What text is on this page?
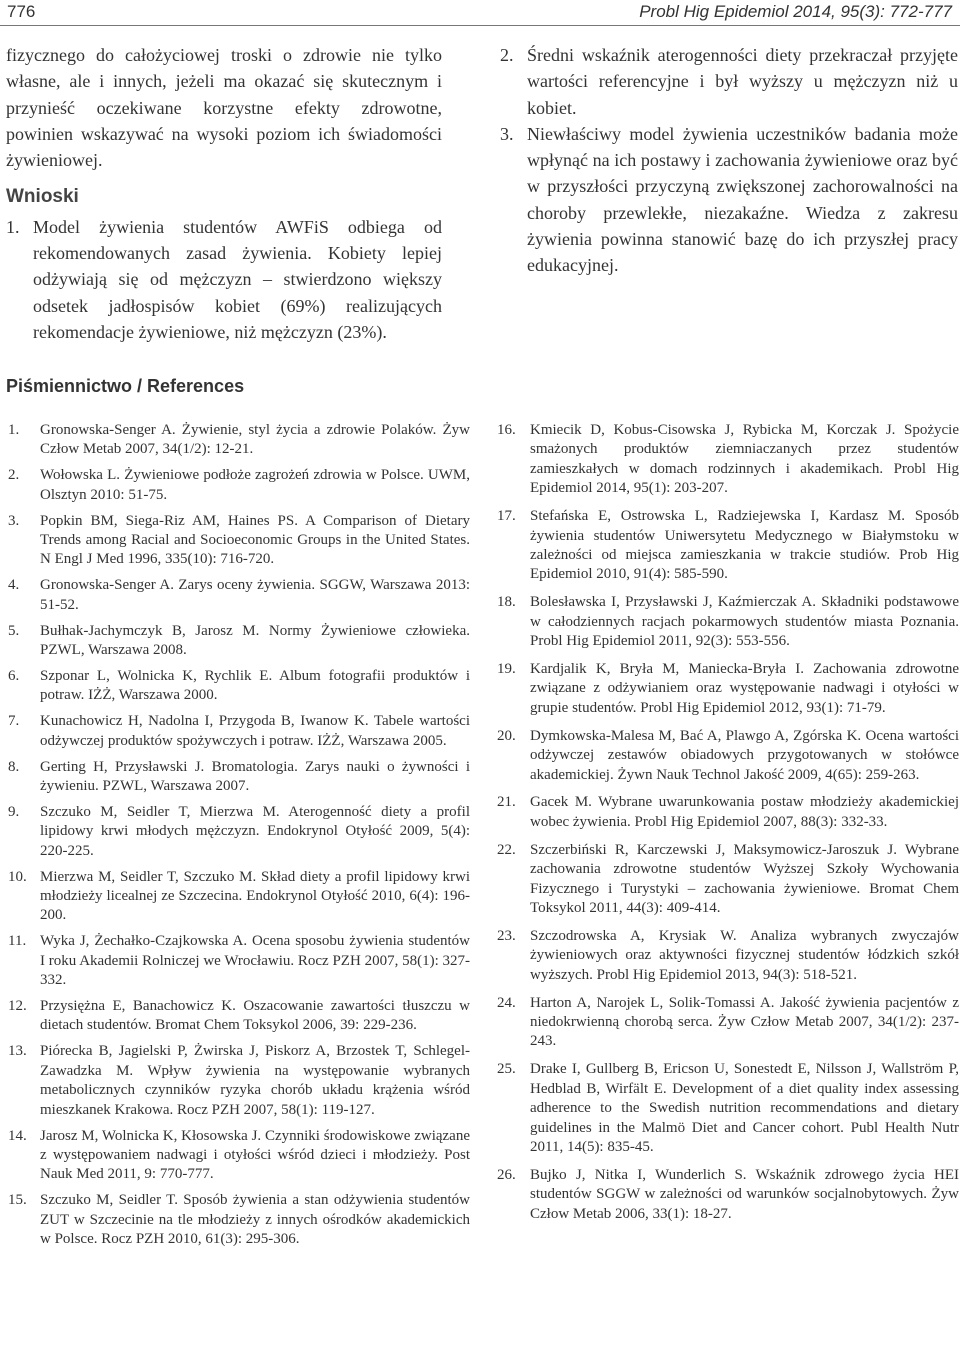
776	Probl Hig Epidemiol 2014, 95(3): 772-777

fizycznego do całożyciowej troski o zdrowie nie tylko własne, ale i innych, jeżeli ma okazać się skutecznym i przynieść oczekiwane korzystne efekty zdrowotne, powinien wskazywać na wysoki poziom ich świadomości żywieniowej.

Wnioski
1. Model żywienia studentów AWFiS odbiega od rekomendowanych zasad żywienia. Kobiety lepiej odżywiają się od mężczyzn – stwierdzono większy odsetek jadłospisów kobiet (69%) realizujących rekomendacje żywieniowe, niż mężczyzn (23%).
2. Średni wskaźnik aterogenności diety przekraczał przyjęte wartości referencyjne i był wyższy u mężczyzn niż u kobiet.
3. Niewłaściwy model żywienia uczestników badania może wpłynąć na ich postawy i zachowania żywieniowe oraz być w przyszłości przyczyną zwiększonej zachorowalności na choroby przewlekłe, niezakaźne. Wiedza z zakresu żywienia powinna stanowić bazę do ich przyszłej pracy edukacyjnej.
Piśmiennictwo / References
1.	Gronowska-Senger A. Żywienie, styl życia a zdrowie Polaków. Żyw Człow Metab 2007, 34(1/2): 12-21.
2.	Wołowska L. Żywieniowe podłoże zagrożeń zdrowia w Polsce. UWM, Olsztyn 2010: 51-75.
3.	Popkin BM, Siega-Riz AM, Haines PS. A Comparison of Dietary Trends among Racial and Socioeconomic Groups in the United States. N Engl J Med 1996, 335(10): 716-720.
4.	Gronowska-Senger A. Zarys oceny żywienia. SGGW, Warszawa 2013: 51-52.
5.	Bułhak-Jachymczyk B, Jarosz M. Normy Żywieniowe człowieka. PZWL, Warszawa 2008.
6.	Szponar L, Wolnicka K, Rychlik E. Album fotografii produktów i potraw. IŻŻ, Warszawa 2000.
7.	Kunachowicz H, Nadolna I, Przygoda B, Iwanow K. Tabele wartości odżywczej produktów spożywczych i potraw. IŻŻ, Warszawa 2005.
8.	Gerting H, Przysławski J. Bromatologia. Zarys nauki o żywności i żywieniu. PZWL, Warszawa 2007.
9.	Szczuko M, Seidler T, Mierzwa M. Aterogenność diety a profil lipidowy krwi młodych mężczyzn. Endokrynol Otyłość 2009, 5(4): 220-225.
10. Mierzwa M, Seidler T, Szczuko M. Skład diety a profil lipidowy krwi młodzieży licealnej ze Szczecina. Endokrynol Otyłość 2010, 6(4): 196-200.
11. Wyka J, Żechałko-Czajkowska A. Ocena sposobu żywienia studentów I roku Akademii Rolniczej we Wrocławiu. Rocz PZH 2007, 58(1): 327-332.
12. Przysiężna E, Banachowicz K. Oszacowanie zawartości tłuszczu w dietach studentów. Bromat Chem Toksykol 2006, 39: 229-236.
13. Piórecka B, Jagielski P, Żwirska J, Piskorz A, Brzostek T, Schlegel-Zawadzka M. Wpływ żywienia na występowanie wybranych metabolicznych czynników ryzyka chorób układu krążenia wśród mieszkanek Krakowa. Rocz PZH 2007, 58(1): 119-127.
14. Jarosz M, Wolnicka K, Kłosowska J. Czynniki środowiskowe związane z występowaniem nadwagi i otyłości wśród dzieci i młodzieży. Post Nauk Med 2011, 9: 770-777.
15. Szczuko M, Seidler T. Sposób żywienia a stan odżywienia studentów ZUT w Szczecinie na tle młodzieży z innych ośrodków akademickich w Polsce. Rocz PZH 2010, 61(3): 295-306.
16. Kmiecik D, Kobus-Cisowska J, Rybicka M, Korczak J. Spożycie smażonych produktów ziemniaczanych przez studentów zamieszkałych w domach rodzinnych i akademikach. Probl Hig Epidemiol 2014, 95(1): 203-207.
17. Stefańska E, Ostrowska L, Radziejewska I, Kardasz M. Sposób żywienia studentów Uniwersytetu Medycznego w Białymstoku w zależności od miejsca zamieszkania w trakcie studiów. Prob Hig Epidemiol 2010, 91(4): 585-590.
18. Bolesławska I, Przysławski J, Kaźmierczak A. Składniki podstawowe w całodziennych racjach pokarmowych studentów miasta Poznania. Probl Hig Epidemiol 2011, 92(3): 553-556.
19. Kardjalik K, Bryła M, Maniecka-Bryła I. Zachowania zdrowotne związane z odżywianiem oraz występowanie nadwagi i otyłości w grupie studentów. Probl Hig Epidemiol 2012, 93(1): 71-79.
20. Dymkowska-Malesa M, Bać A, Plawgo A, Zgórska K. Ocena wartości odżywczej zestawów obiadowych przygotowanych w stołówce akademickiej. Żywn Nauk Technol Jakość 2009, 4(65): 259-263.
21. Gacek M. Wybrane uwarunkowania postaw młodzieży akademickiej wobec żywienia. Probl Hig Epidemiol 2007, 88(3): 332-33.
22. Szczerbiński R, Karczewski J, Maksymowicz-Jaroszuk J. Wybrane zachowania zdrowotne studentów Wyższej Szkoły Wychowania Fizycznego i Turystyki – zachowania żywieniowe. Bromat Chem Toksykol 2011, 44(3): 409-414.
23. Szczodrowska A, Krysiak W. Analiza wybranych zwyczajów żywieniowych oraz aktywności fizycznej studentów łódzkich szkół wyższych. Probl Hig Epidemiol 2013, 94(3): 518-521.
24. Harton A, Narojek L, Solik-Tomassi A. Jakość żywienia pacjentów z niedokrwienną chorobą serca. Żyw Człow Metab 2007, 34(1/2): 237-243.
25. Drake I, Gullberg B, Ericson U, Sonestedt E, Nilsson J, Wallström P, Hedblad B, Wirfält E. Development of a diet quality index assessing adherence to the Swedish nutrition recommendations and dietary guidelines in the Malmö Diet and Cancer cohort. Publ Health Nutr 2011, 14(5): 835-45.
26. Bujko J, Nitka I, Wunderlich S. Wskaźnik zdrowego życia HEI studentów SGGW w zależności od warunków socjalnobytowych. Żyw Człow Metab 2006, 33(1): 18-27.
